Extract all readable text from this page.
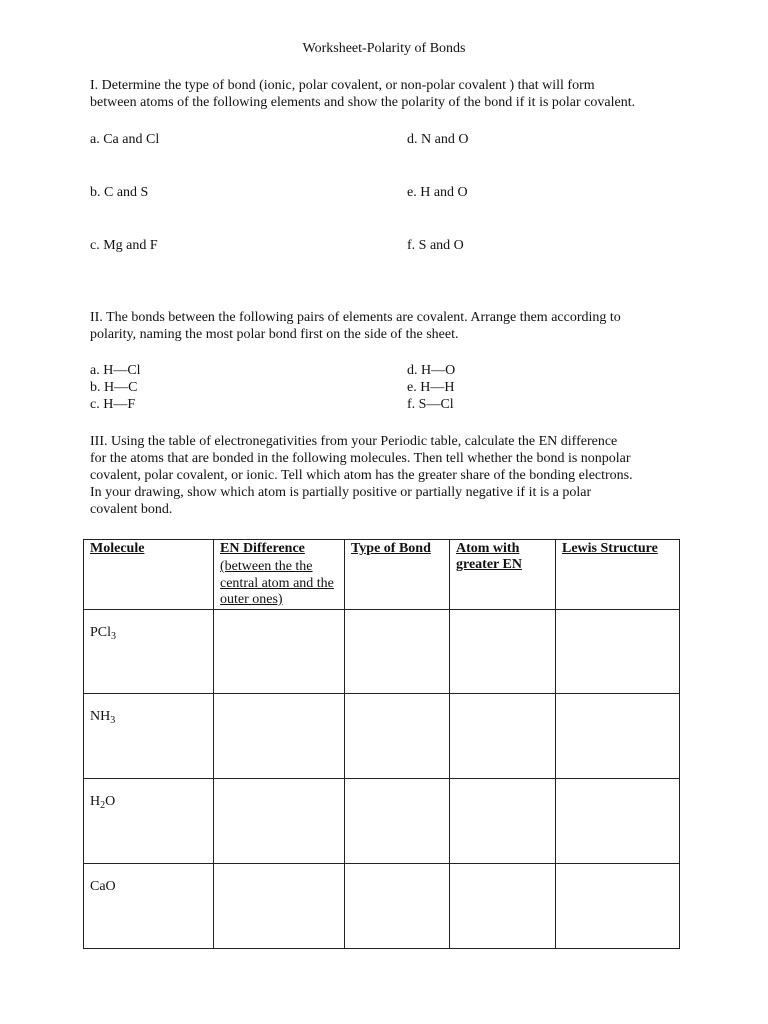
Worksheet-Polarity of Bonds

I. Determine the type of bond (ionic, polar covalent, or non-polar covalent ) that will form

between atoms of the following elements and show the polarity of the bond if it is polar covalent.

a. Ca and Cl	d. N and O
b. C and S	e. H and O
c. Mg and F	f. S and O

II. The bonds between the following pairs of elements are covalent. Arrange them according to

polarity, naming the most polar bond first on the side of the sheet.

a. H—Cl
b. H—C
c. H—F
d. H—O
e. H—H
f. S—Cl

III. Using the table of electronegativities from your Periodic table, calculate the EN difference

for the atoms that are bonded in the following molecules. Then tell whether the bond is nonpolar

covalent, polar covalent, or ionic. Tell which atom has the greater share of the bonding electrons.

In your drawing, show which atom is partially positive or partially negative if it is a polar

covalent bond.

Molecule	EN Difference
(between the the
central atom and the
outer ones)	Type of Bond	Atom with
greater EN	Lewis Structure

PCl$_3$

$NH_3$

$H_2O$				

CaO				
